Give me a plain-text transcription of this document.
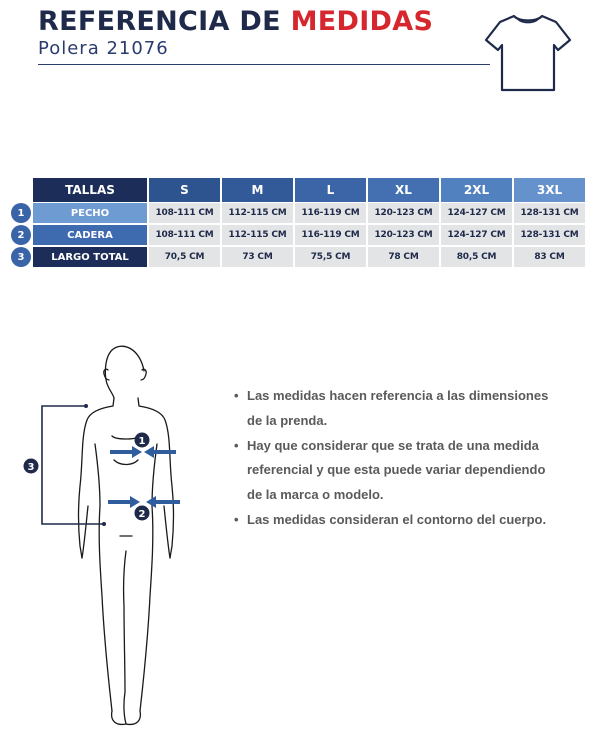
REFERENCIA DE MEDIDAS
Polera 21076
TALLAS	S	M	L	XL	2XL	3XL
1	PECHO	108-111 CM	112-115 CM	116-119 CM	120-123 CM	124-127 CM	128-131 CM
2	CADERA	108-111 CM	112-115 CM	116-119 CM	120-123 CM	124-127 CM	128-131 CM
3	LARGO TOTAL	70,5 CM	73 CM	75,5 CM	78 CM	80,5 CM	83 CM
1
2
3
• Las medidas hacen referencia a las dimensiones de la prenda.
• Hay que considerar que se trata de una medida referencial y que esta puede variar dependiendo de la marca o modelo.
• Las medidas consideran el contorno del cuerpo.
